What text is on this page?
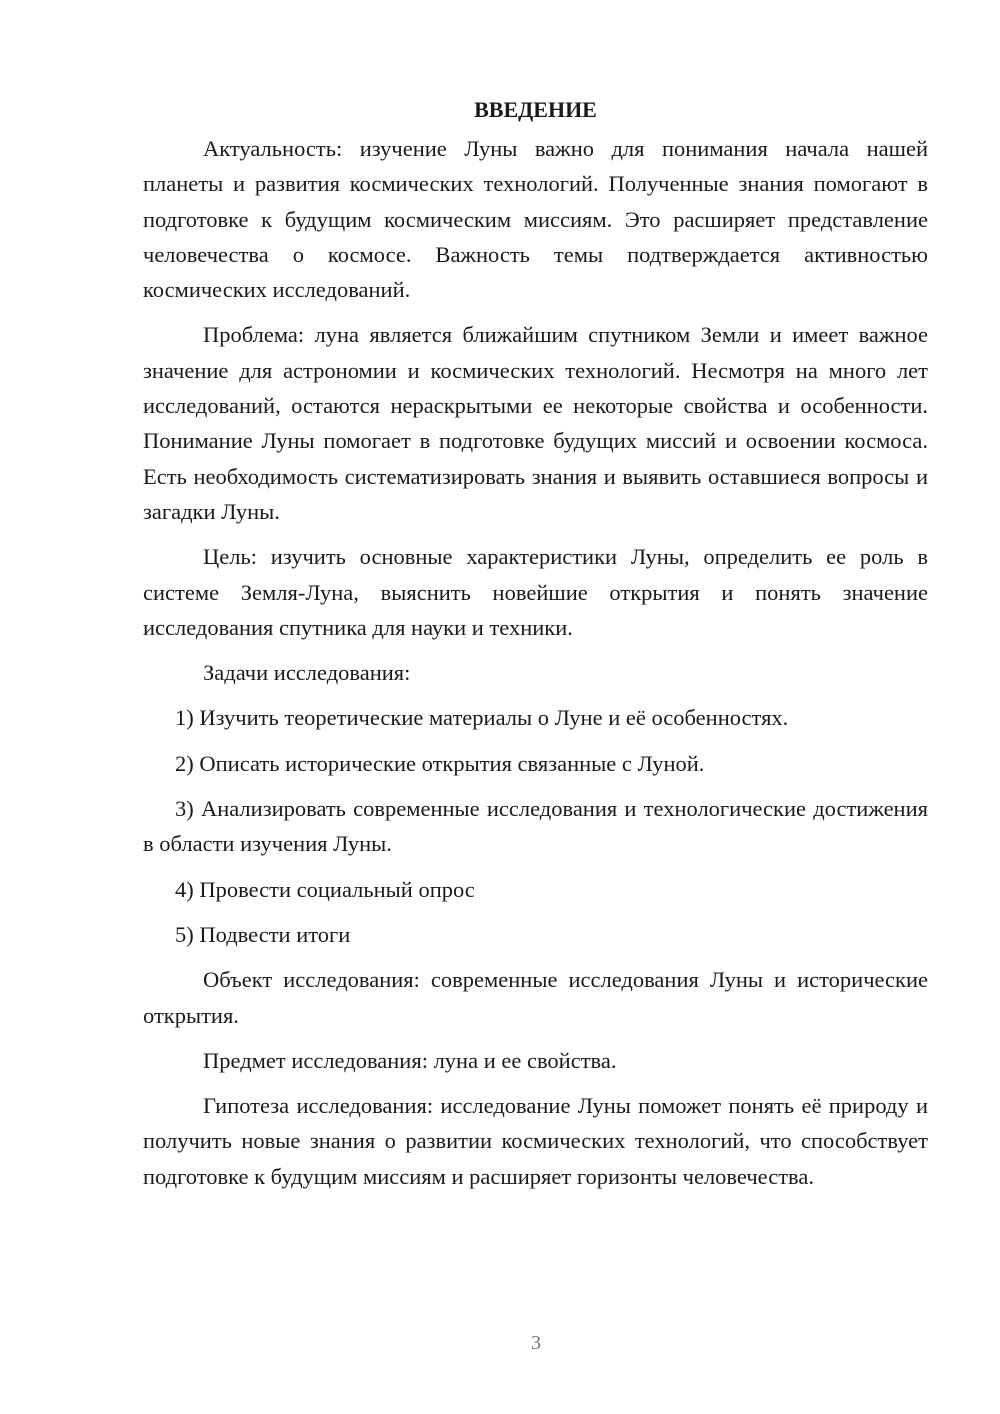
ВВЕДЕНИЕ

Актуальность: изучение Луны важно для понимания начала нашей планеты и развития космических технологий. Полученные знания помогают в подготовке к будущим космическим миссиям. Это расширяет представление человечества о космосе. Важность темы подтверждается активностью космических исследований.

Проблема: луна является ближайшим спутником Земли и имеет важное значение для астрономии и космических технологий. Несмотря на много лет исследований, остаются нераскрытыми ее некоторые свойства и особенности. Понимание Луны помогает в подготовке будущих миссий и освоении космоса. Есть необходимость систематизировать знания и выявить оставшиеся вопросы и загадки Луны.

Цель: изучить основные характеристики Луны, определить ее роль в системе Земля-Луна, выяснить новейшие открытия и понять значение исследования спутника для науки и техники.

Задачи исследования:

1) Изучить теоретические материалы о Луне и её особенностях.

2) Описать исторические открытия связанные с Луной.

3) Анализировать современные исследования и технологические достижения в области изучения Луны.

4) Провести социальный опрос

5) Подвести итоги

Объект исследования: современные исследования Луны и исторические открытия.

Предмет исследования: луна и ее свойства.

Гипотеза исследования: исследование Луны поможет понять её природу и получить новые знания о развитии космических технологий, что способствует подготовке к будущим миссиям и расширяет горизонты человечества.

3
